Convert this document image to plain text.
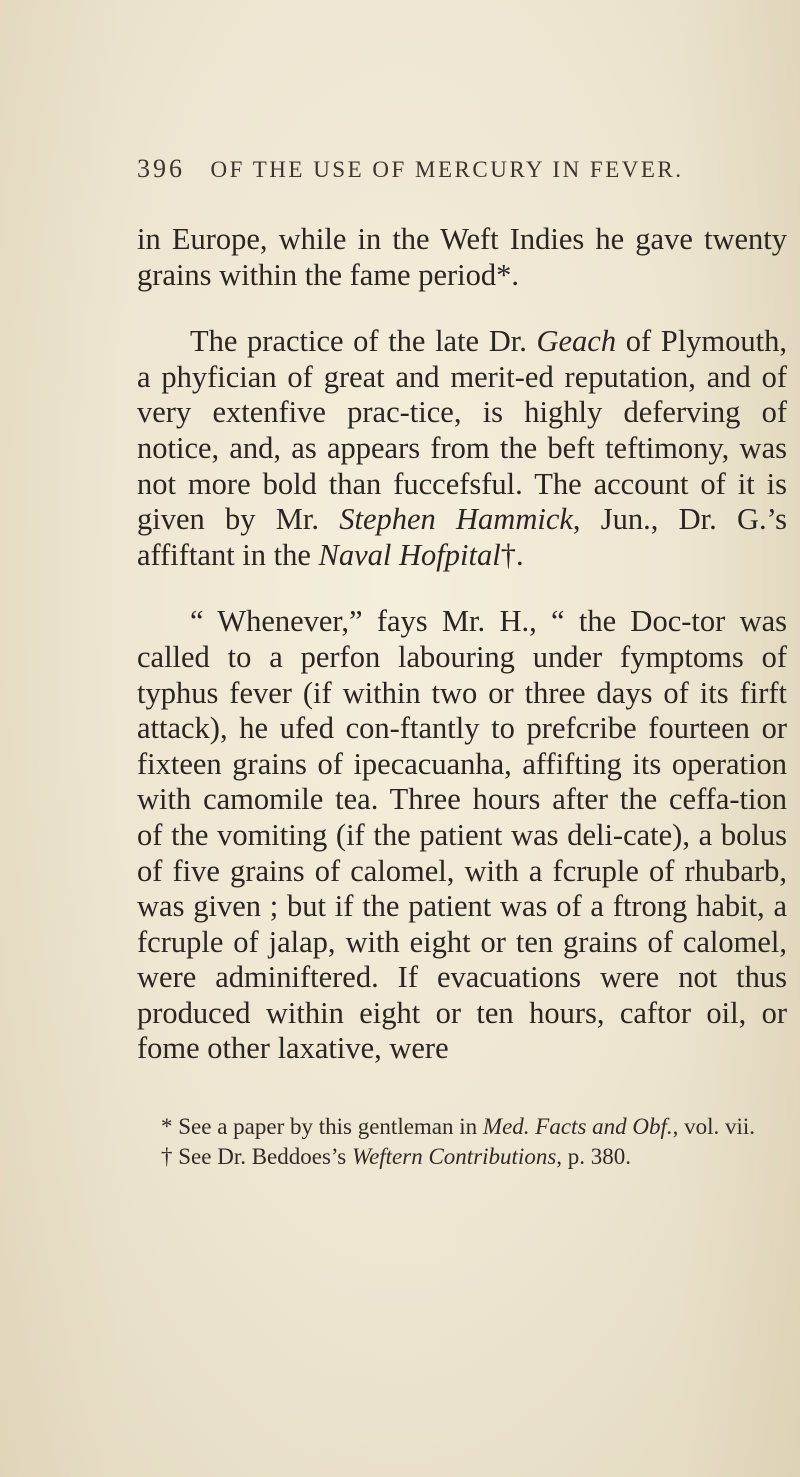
396 OF THE USE OF MERCURY IN FEVER.

in Europe, while in the Weft Indies he gave twenty grains within the fame period*.

The practice of the late Dr. Geach of Plymouth, a phyfician of great and merit-ed reputation, and of very extenfive prac-tice, is highly deferving of notice, and, as appears from the beft teftimony, was not more bold than fuccefsful. The account of it is given by Mr. Stephen Hammick, Jun., Dr. G.’s affiftant in the Naval Hofpital†.

“ Whenever,” fays Mr. H., “ the Doc-tor was called to a perfon labouring under fymptoms of typhus fever (if within two or three days of its firft attack), he ufed con-ftantly to prefcribe fourteen or fixteen grains of ipecacuanha, affifting its operation with camomile tea. Three hours after the ceffa-tion of the vomiting (if the patient was deli-cate), a bolus of five grains of calomel, with a fcruple of rhubarb, was given ; but if the patient was of a ftrong habit, a fcruple of jalap, with eight or ten grains of calomel, were adminiftered. If evacuations were not thus produced within eight or ten hours, caftor oil, or fome other laxative, were

* See a paper by this gentleman in Med. Facts and Obf., vol. vii.

† See Dr. Beddoes’s Weftern Contributions, p. 380.
